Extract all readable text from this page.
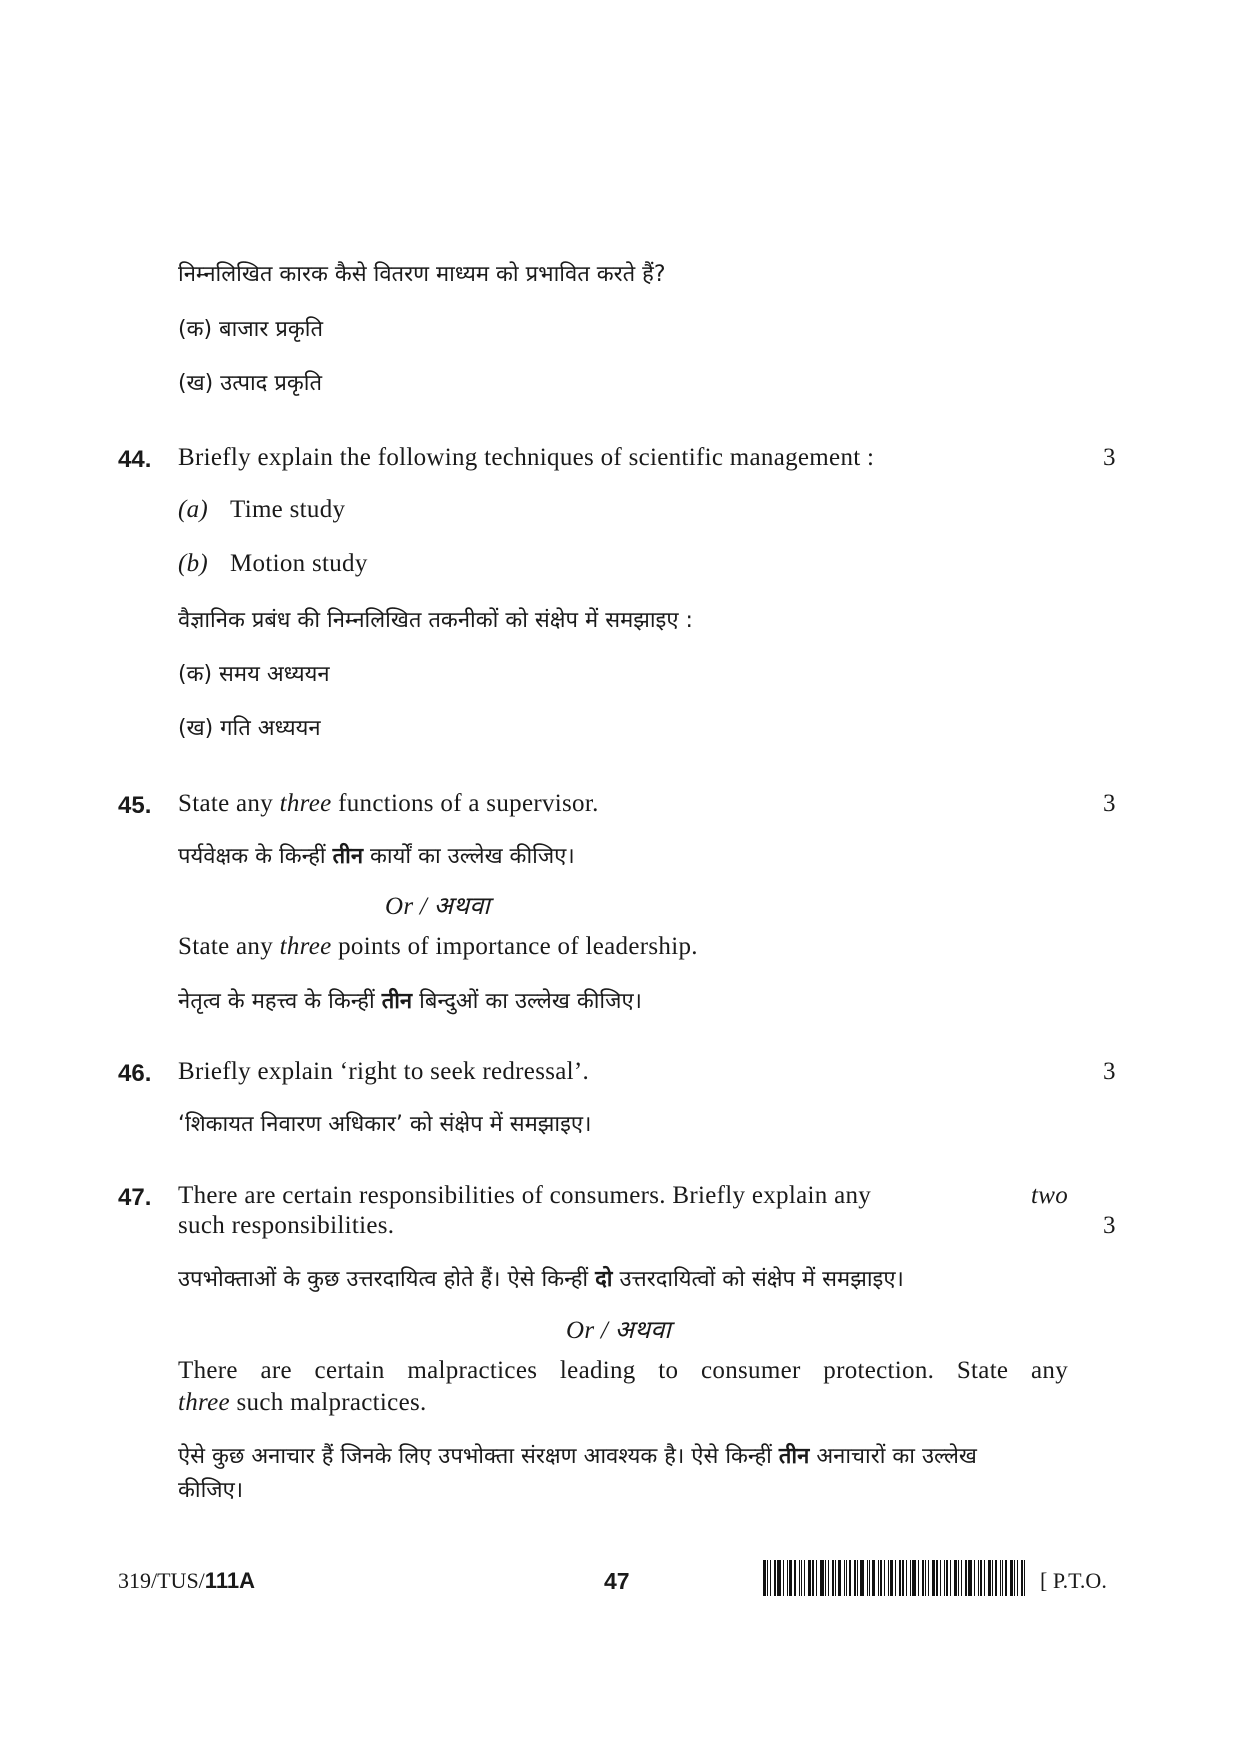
निम्नलिखित कारक कैसे वितरण माध्यम को प्रभावित करते हैं?
(क) बाजार प्रकृति
(ख) उत्पाद प्रकृति
44. Briefly explain the following techniques of scientific management :	3
(a) Time study
(b) Motion study
वैज्ञानिक प्रबंध की निम्नलिखित तकनीकों को संक्षेप में समझाइए :
(क) समय अध्ययन
(ख) गति अध्ययन
45. State any three functions of a supervisor.	3
पर्यवेक्षक के किन्हीं तीन कार्यों का उल्लेख कीजिए।
Or / अथवा
State any three points of importance of leadership.
नेतृत्व के महत्त्व के किन्हीं तीन बिन्दुओं का उल्लेख कीजिए।
46. Briefly explain ‘right to seek redressal’.	3
‘शिकायत निवारण अधिकार’ को संक्षेप में समझाइए।
47. There are certain responsibilities of consumers. Briefly explain any	two
such responsibilities.	3
उपभोक्ताओं के कुछ उत्तरदायित्व होते हैं। ऐसे किन्हीं दो उत्तरदायित्वों को संक्षेप में समझाइए।
Or / अथवा
There are certain malpractices leading to consumer protection. State any
three such malpractices.
ऐसे कुछ अनाचार हैं जिनके लिए उपभोक्ता संरक्षण आवश्यक है। ऐसे किन्हीं तीन अनाचारों का उल्लेख
कीजिए।
319/TUS/111A	47	[ P.T.O.
